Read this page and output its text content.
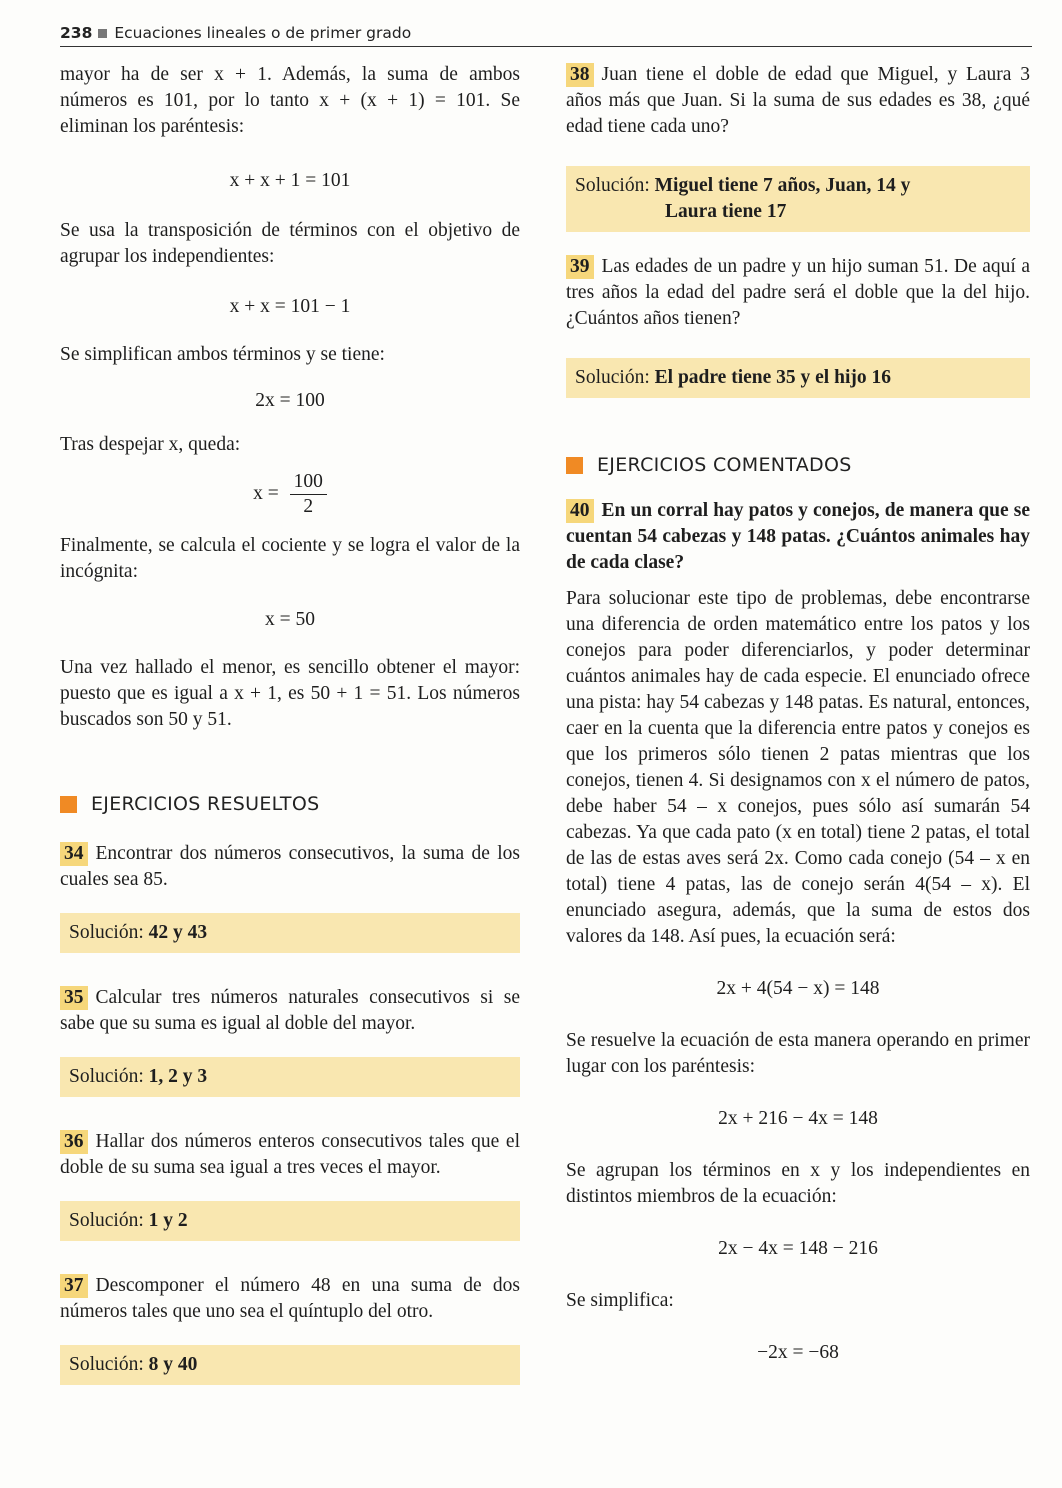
238 Ecuaciones lineales o de primer grado

mayor ha de ser x + 1. Además, la suma de ambos números es 101, por lo tanto x + (x + 1) = 101. Se eliminan los paréntesis:

x + x + 1 = 101

Se usa la transposición de términos con el objetivo de agrupar los independientes:

x + x = 101 − 1

Se simplifican ambos términos y se tiene:

2x = 100

Tras despejar x, queda:

$x = \frac{100}{2}$

Finalmente, se calcula el cociente y se logra el valor de la incógnita:

x = 50

Una vez hallado el menor, es sencillo obtener el mayor: puesto que es igual a x + 1, es 50 + 1 = 51. Los números buscados son 50 y 51.

EJERCICIOS RESUELTOS

34 Encontrar dos números consecutivos, la suma de los cuales sea 85.

Solución: 42 y 43

35 Calcular tres números naturales consecutivos si se sabe que su suma es igual al doble del mayor.

Solución: 1, 2 y 3

36 Hallar dos números enteros consecutivos tales que el doble de su suma sea igual a tres veces el mayor.

Solución: 1 y 2

37 Descomponer el número 48 en una suma de dos números tales que uno sea el quíntuplo del otro.

Solución: 8 y 40

38 Juan tiene el doble de edad que Miguel, y Laura 3 años más que Juan. Si la suma de sus edades es 38, ¿qué edad tiene cada uno?

Solución: Miguel tiene 7 años, Juan, 14 y
Laura tiene 17

39 Las edades de un padre y un hijo suman 51. De aquí a tres años la edad del padre será el doble que la del hijo. ¿Cuántos años tienen?

Solución: El padre tiene 35 y el hijo 16
EJERCICIOS COMENTADOS

40 En un corral hay patos y conejos, de manera que se cuentan 54 cabezas y 148 patas. ¿Cuántos animales hay de cada clase?

Para solucionar este tipo de problemas, debe encontrarse una diferencia de orden matemático entre los patos y los conejos para poder diferenciarlos, y poder determinar cuántos animales hay de cada especie. El enunciado ofrece una pista: hay 54 cabezas y 148 patas. Es natural, entonces, caer en la cuenta que la diferencia entre patos y conejos es que los primeros sólo tienen 2 patas mientras que los conejos, tienen 4. Si designamos con x el número de patos, debe haber 54 – x conejos, pues sólo así sumarán 54 cabezas. Ya que cada pato (x en total) tiene 2 patas, el total de las de estas aves será 2x. Como cada conejo (54 – x en total) tiene 4 patas, las de conejo serán 4(54 – x). El enunciado asegura, además, que la suma de estos dos valores da 148. Así pues, la ecuación será:

2x + 4(54 − x) = 148

Se resuelve la ecuación de esta manera operando en primer lugar con los paréntesis:

2x + 216 − 4x = 148

Se agrupan los términos en x y los independientes en distintos miembros de la ecuación:

2x − 4x = 148 − 216

Se simplifica:

−2x = −68
